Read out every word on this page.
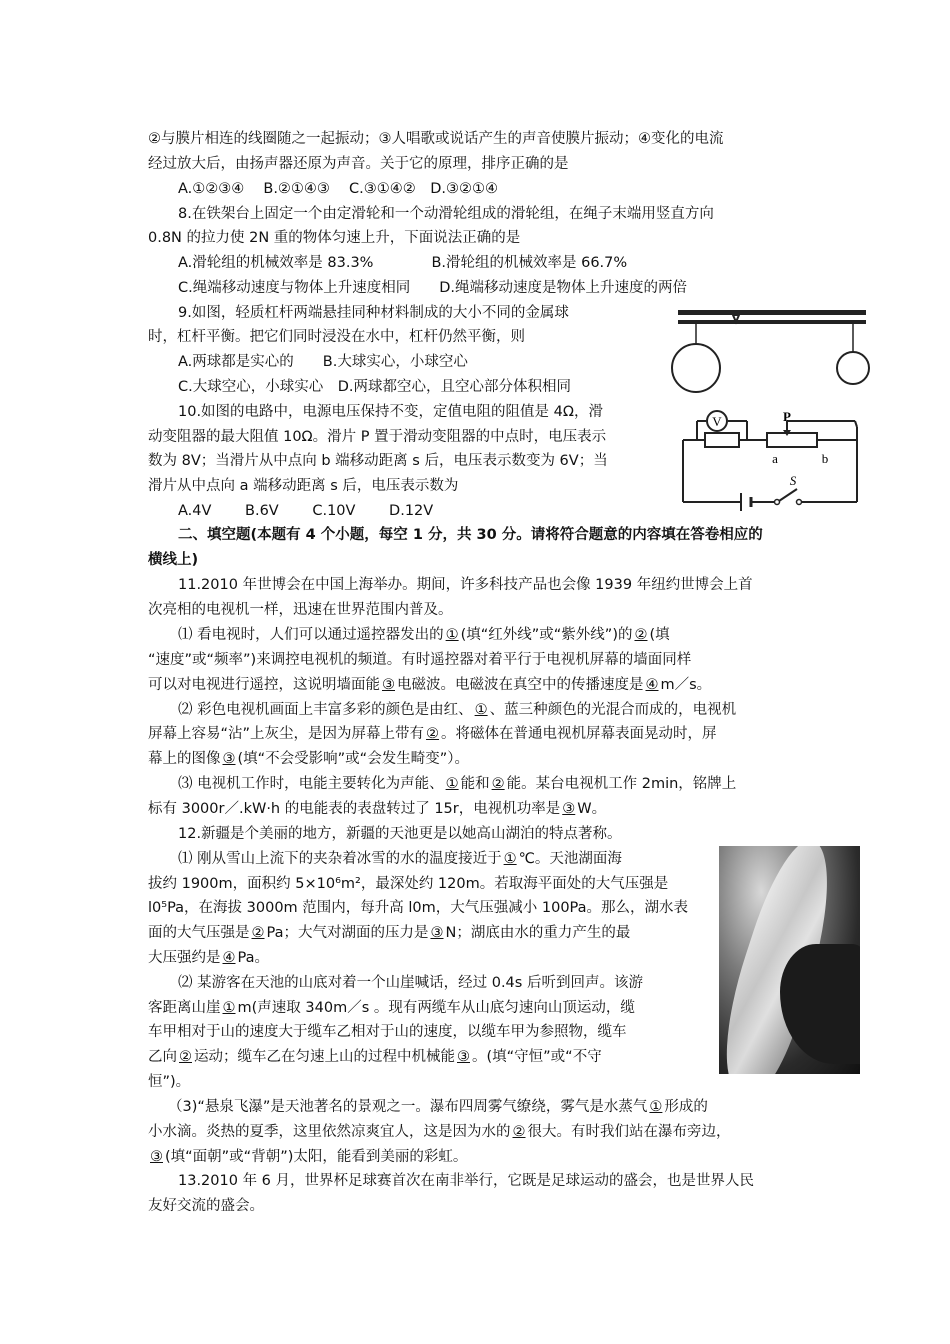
②与膜片相连的线圈随之一起振动；③人唱歌或说话产生的声音使膜片振动；④变化的电流
经过放大后，由扬声器还原为声音。关于它的原理，排序正确的是
A.①②③④　 B.②①④③　 C.③①④②　D.③②①④
8.在铁架台上固定一个由定滑轮和一个动滑轮组成的滑轮组，在绳子末端用竖直方向
0.8N 的拉力使 2N 重的物体匀速上升，下面说法正确的是
A.滑轮组的机械效率是 83.3%　　　　B.滑轮组的机械效率是 66.7%
C.绳端移动速度与物体上升速度相同　　D.绳端移动速度是物体上升速度的两倍
9.如图，轻质杠杆两端悬挂同种材料制成的大小不同的金属球
时，杠杆平衡。把它们同时浸没在水中，杠杆仍然平衡，则
A.两球都是实心的　　B.大球实心，小球空心
C.大球空心，小球实心　D.两球都空心，且空心部分体积相同
10.如图的电路中，电源电压保持不变，定值电阻的阻值是 4Ω，滑
动变阻器的最大阻值 10Ω。滑片 P 置于滑动变阻器的中点时，电压表示
数为 8V；当滑片从中点向 b 端移动距离 s 后，电压表示数变为 6V；当
滑片从中点向 a 端移动距离 s 后，电压表示数为
A.4V　　 B.6V　　 C.10V　　 D.12V
二、填空题(本题有 4 个小题，每空 1 分，共 30 分。请将符合题意的内容填在答卷相应的
横线上)
11.2010 年世博会在中国上海举办。期间，许多科技产品也会像 1939 年纽约世博会上首
次亮相的电视机一样，迅速在世界范围内普及。
⑴ 看电视时，人们可以通过遥控器发出的 ① (填“红外线”或“紫外线”)的 ② (填
“速度”或“频率”)来调控电视机的频道。有时遥控器对着平行于电视机屏幕的墙面同样
可以对电视进行遥控，这说明墙面能 ③ 电磁波。电磁波在真空中的传播速度是 ④ m／s。
⑵ 彩色电视机画面上丰富多彩的颜色是由红、 ① 、蓝三种颜色的光混合而成的，电视机
屏幕上容易“沾”上灰尘，是因为屏幕上带有 ② 。将磁体在普通电视机屏幕表面晃动时，屏
幕上的图像 ③ (填“不会受影响”或“会发生畸变”）。
⑶ 电视机工作时，电能主要转化为声能、 ① 能和 ② 能。某台电视机工作 2min，铭牌上
标有 3000r／.kW·h 的电能表的表盘转过了 15r，电视机功率是 ③ W。
12.新疆是个美丽的地方，新疆的天池更是以她高山湖泊的特点著称。
⑴ 刚从雪山上流下的夹杂着冰雪的水的温度接近于 ① ℃。天池湖面海
拔约 1900m，面积约 5×10⁶m²，最深处约 120m。若取海平面处的大气压强是
l0⁵Pa，在海拔 3000m 范围内，每升高 l0m，大气压强减小 100Pa。那么，湖水表
面的大气压强是 ② Pa；大气对湖面的压力是 ③ N；湖底由水的重力产生的最
大压强约是 ④ Pa。
⑵ 某游客在天池的山底对着一个山崖喊话，经过 0.4s 后听到回声。该游
客距离山崖 ① m(声速取 340m／s 。现有两缆车从山底匀速向山顶运动，缆
车甲相对于山的速度大于缆车乙相对于山的速度，以缆车甲为参照物，缆车
乙向 ② 运动；缆车乙在匀速上山的过程中机械能 ③ 。(填“守恒”或“不守
恒”)。
（3)“悬泉飞瀑”是天池著名的景观之一。瀑布四周雾气缭绕，雾气是水蒸气 ① 形成的
小水滴。炎热的夏季，这里依然凉爽宜人，这是因为水的 ② 很大。有时我们站在瀑布旁边，
③ (填“面朝”或“背朝”)太阳，能看到美丽的彩虹。
13.2010 年 6 月，世界杯足球赛首次在南非举行，它既是足球运动的盛会，也是世界人民
友好交流的盛会。
V	P
a	b
S
